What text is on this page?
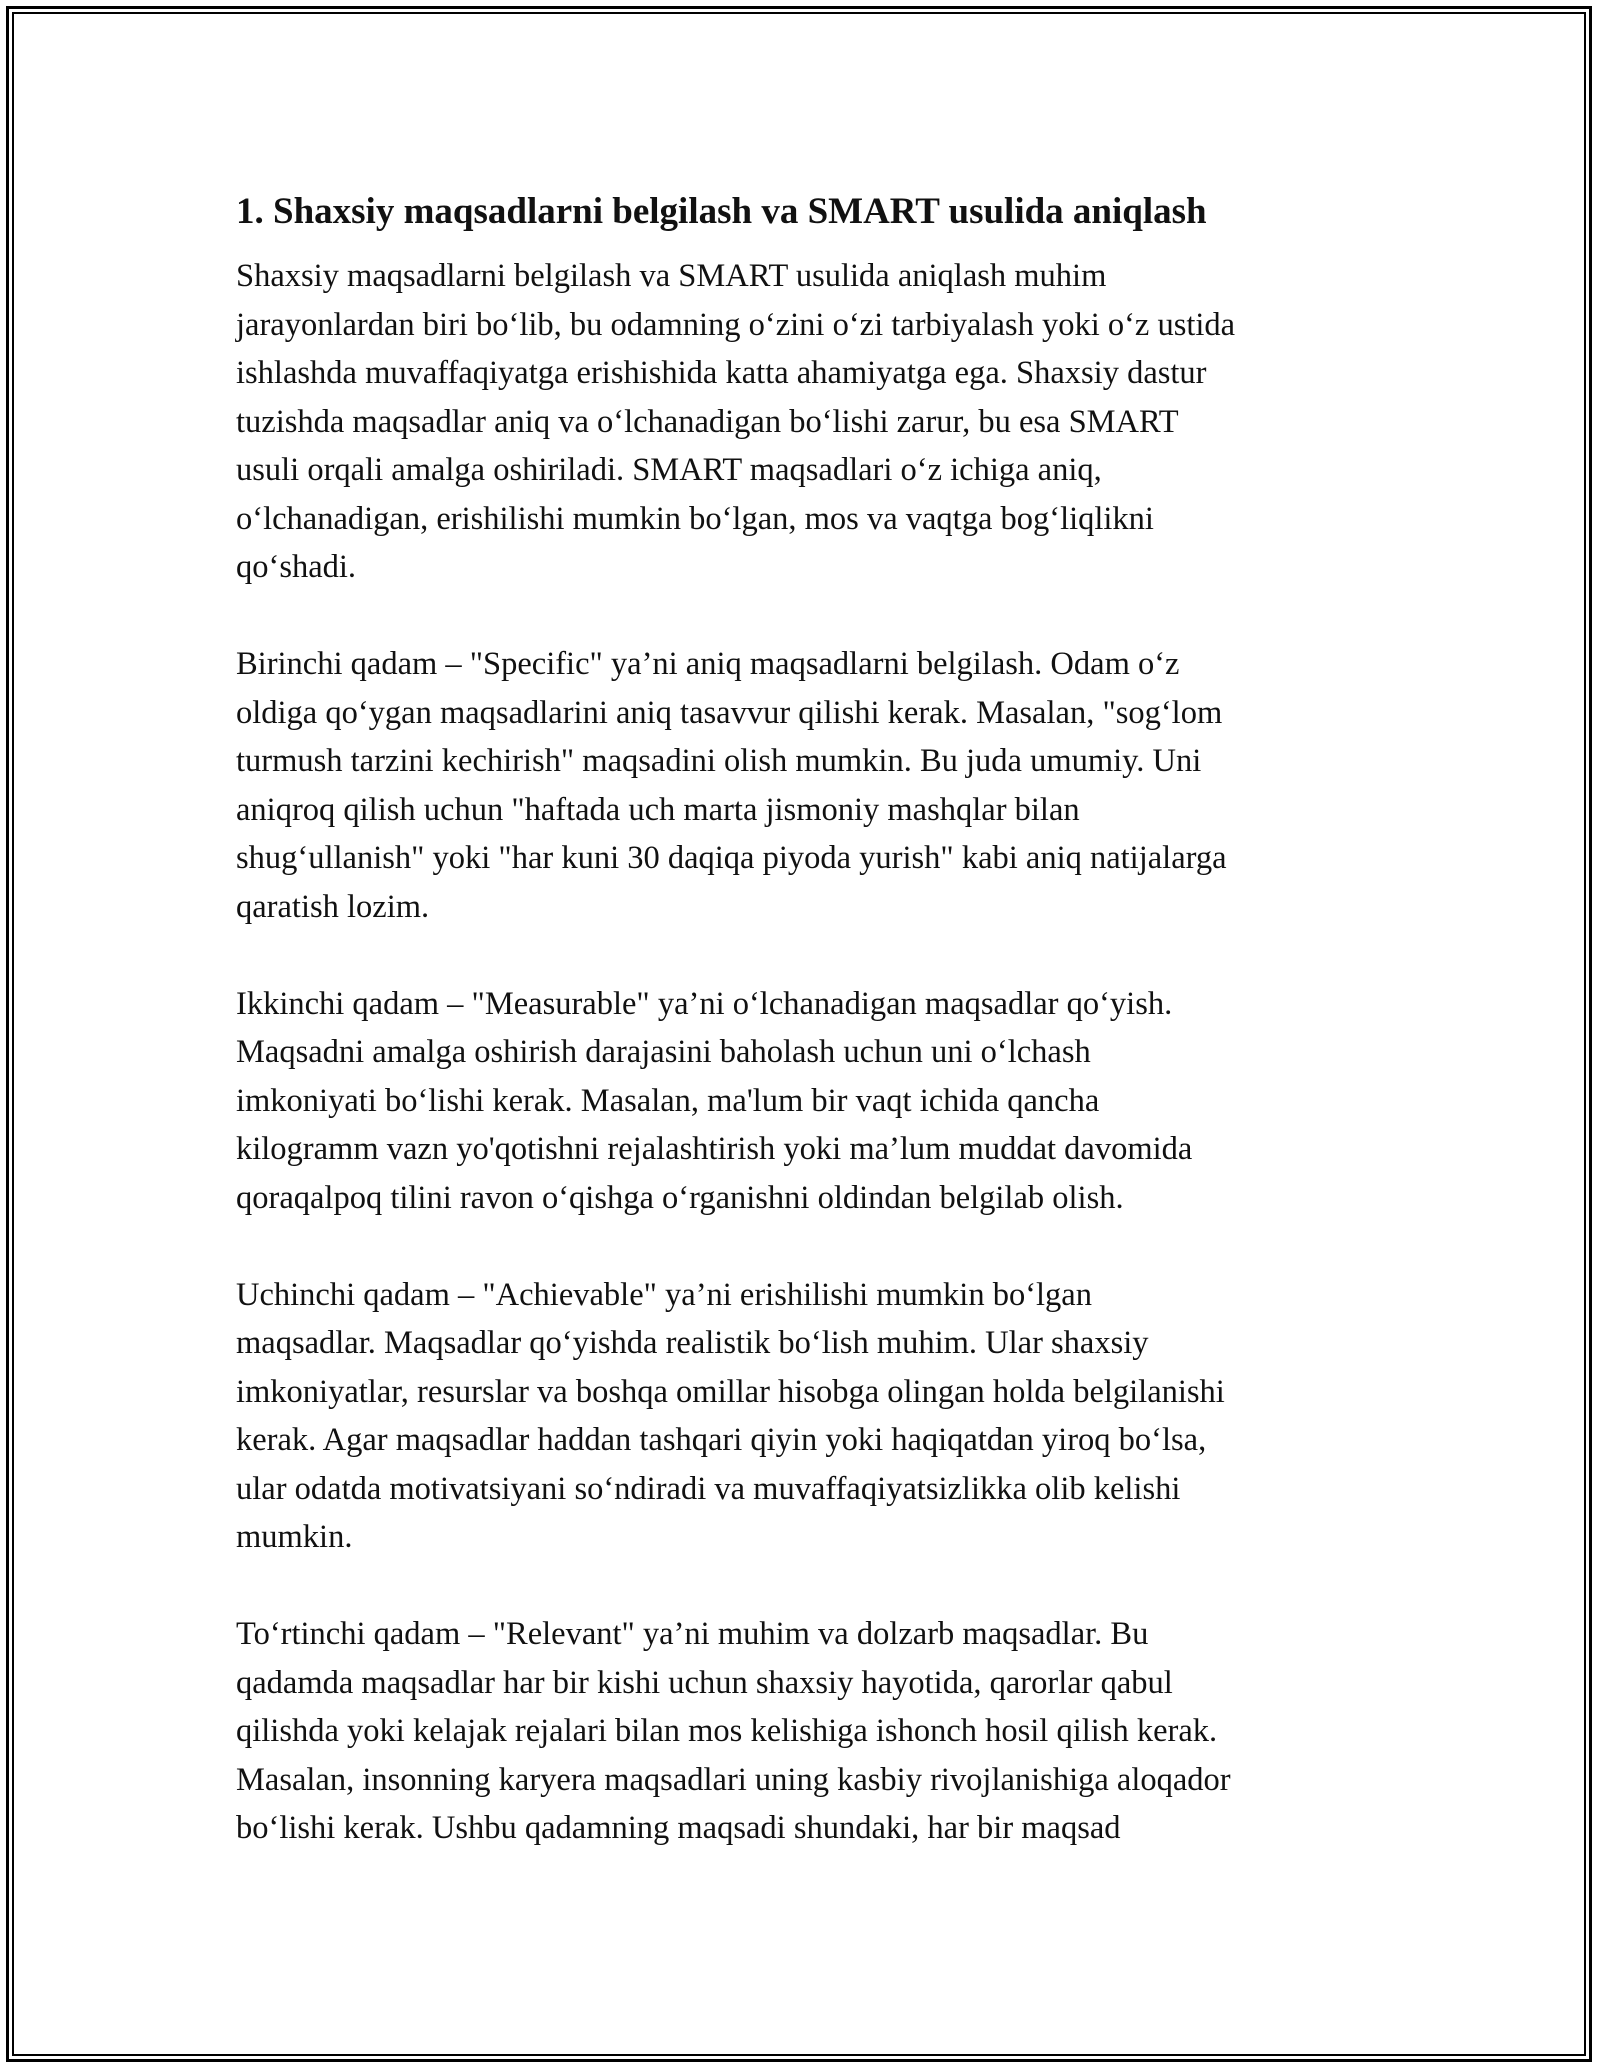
1. Shaxsiy maqsadlarni belgilash va SMART usulida aniqlash
Shaxsiy maqsadlarni belgilash va SMART usulida aniqlash muhim
jarayonlardan biri bo‘lib, bu odamning o‘zini o‘zi tarbiyalash yoki o‘z ustida
ishlashda muvaffaqiyatga erishishida katta ahamiyatga ega. Shaxsiy dastur
tuzishda maqsadlar aniq va o‘lchanadigan bo‘lishi zarur, bu esa SMART
usuli orqali amalga oshiriladi. SMART maqsadlari o‘z ichiga aniq,
o‘lchanadigan, erishilishi mumkin bo‘lgan, mos va vaqtga bog‘liqlikni
qo‘shadi.
Birinchi qadam – "Specific" ya’ni aniq maqsadlarni belgilash. Odam o‘z
oldiga qo‘ygan maqsadlarini aniq tasavvur qilishi kerak. Masalan, "sog‘lom
turmush tarzini kechirish" maqsadini olish mumkin. Bu juda umumiy. Uni
aniqroq qilish uchun "haftada uch marta jismoniy mashqlar bilan
shug‘ullanish" yoki "har kuni 30 daqiqa piyoda yurish" kabi aniq natijalarga
qaratish lozim.
Ikkinchi qadam – "Measurable" ya’ni o‘lchanadigan maqsadlar qo‘yish.
Maqsadni amalga oshirish darajasini baholash uchun uni o‘lchash
imkoniyati bo‘lishi kerak. Masalan, ma'lum bir vaqt ichida qancha
kilogramm vazn yo'qotishni rejalashtirish yoki ma’lum muddat davomida
qoraqalpoq tilini ravon o‘qishga o‘rganishni oldindan belgilab olish.
Uchinchi qadam – "Achievable" ya’ni erishilishi mumkin bo‘lgan
maqsadlar. Maqsadlar qo‘yishda realistik bo‘lish muhim. Ular shaxsiy
imkoniyatlar, resurslar va boshqa omillar hisobga olingan holda belgilanishi
kerak. Agar maqsadlar haddan tashqari qiyin yoki haqiqatdan yiroq bo‘lsa,
ular odatda motivatsiyani so‘ndiradi va muvaffaqiyatsizlikka olib kelishi
mumkin.
To‘rtinchi qadam – "Relevant" ya’ni muhim va dolzarb maqsadlar. Bu
qadamda maqsadlar har bir kishi uchun shaxsiy hayotida, qarorlar qabul
qilishda yoki kelajak rejalari bilan mos kelishiga ishonch hosil qilish kerak.
Masalan, insonning karyera maqsadlari uning kasbiy rivojlanishiga aloqador
bo‘lishi kerak. Ushbu qadamning maqsadi shundaki, har bir maqsad
